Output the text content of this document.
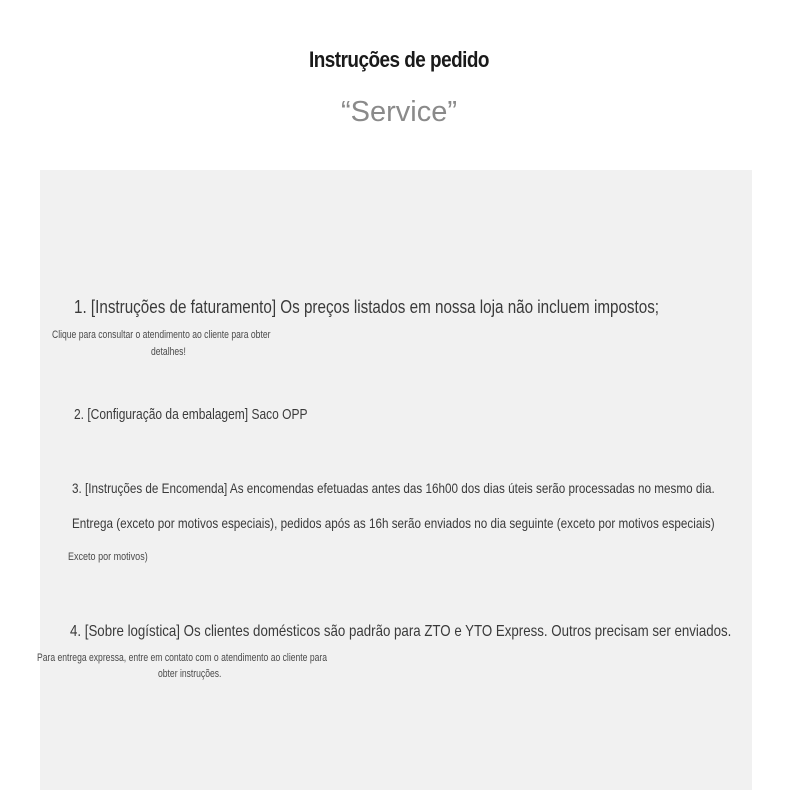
Instruções de pedido
“Service”
1. [Instruções de faturamento] Os preços listados em nossa loja não incluem impostos;
Clique para consultar o atendimento ao cliente para obter
detalhes!
2. [Configuração da embalagem] Saco OPP
3. [Instruções de Encomenda] As encomendas efetuadas antes das 16h00 dos dias úteis serão processadas no mesmo dia.
Entrega (exceto por motivos especiais), pedidos após as 16h serão enviados no dia seguinte (exceto por motivos especiais)
Exceto por motivos)
4. [Sobre logística] Os clientes domésticos são padrão para ZTO e YTO Express. Outros precisam ser enviados.
Para entrega expressa, entre em contato com o atendimento ao cliente para
obter instruções.
